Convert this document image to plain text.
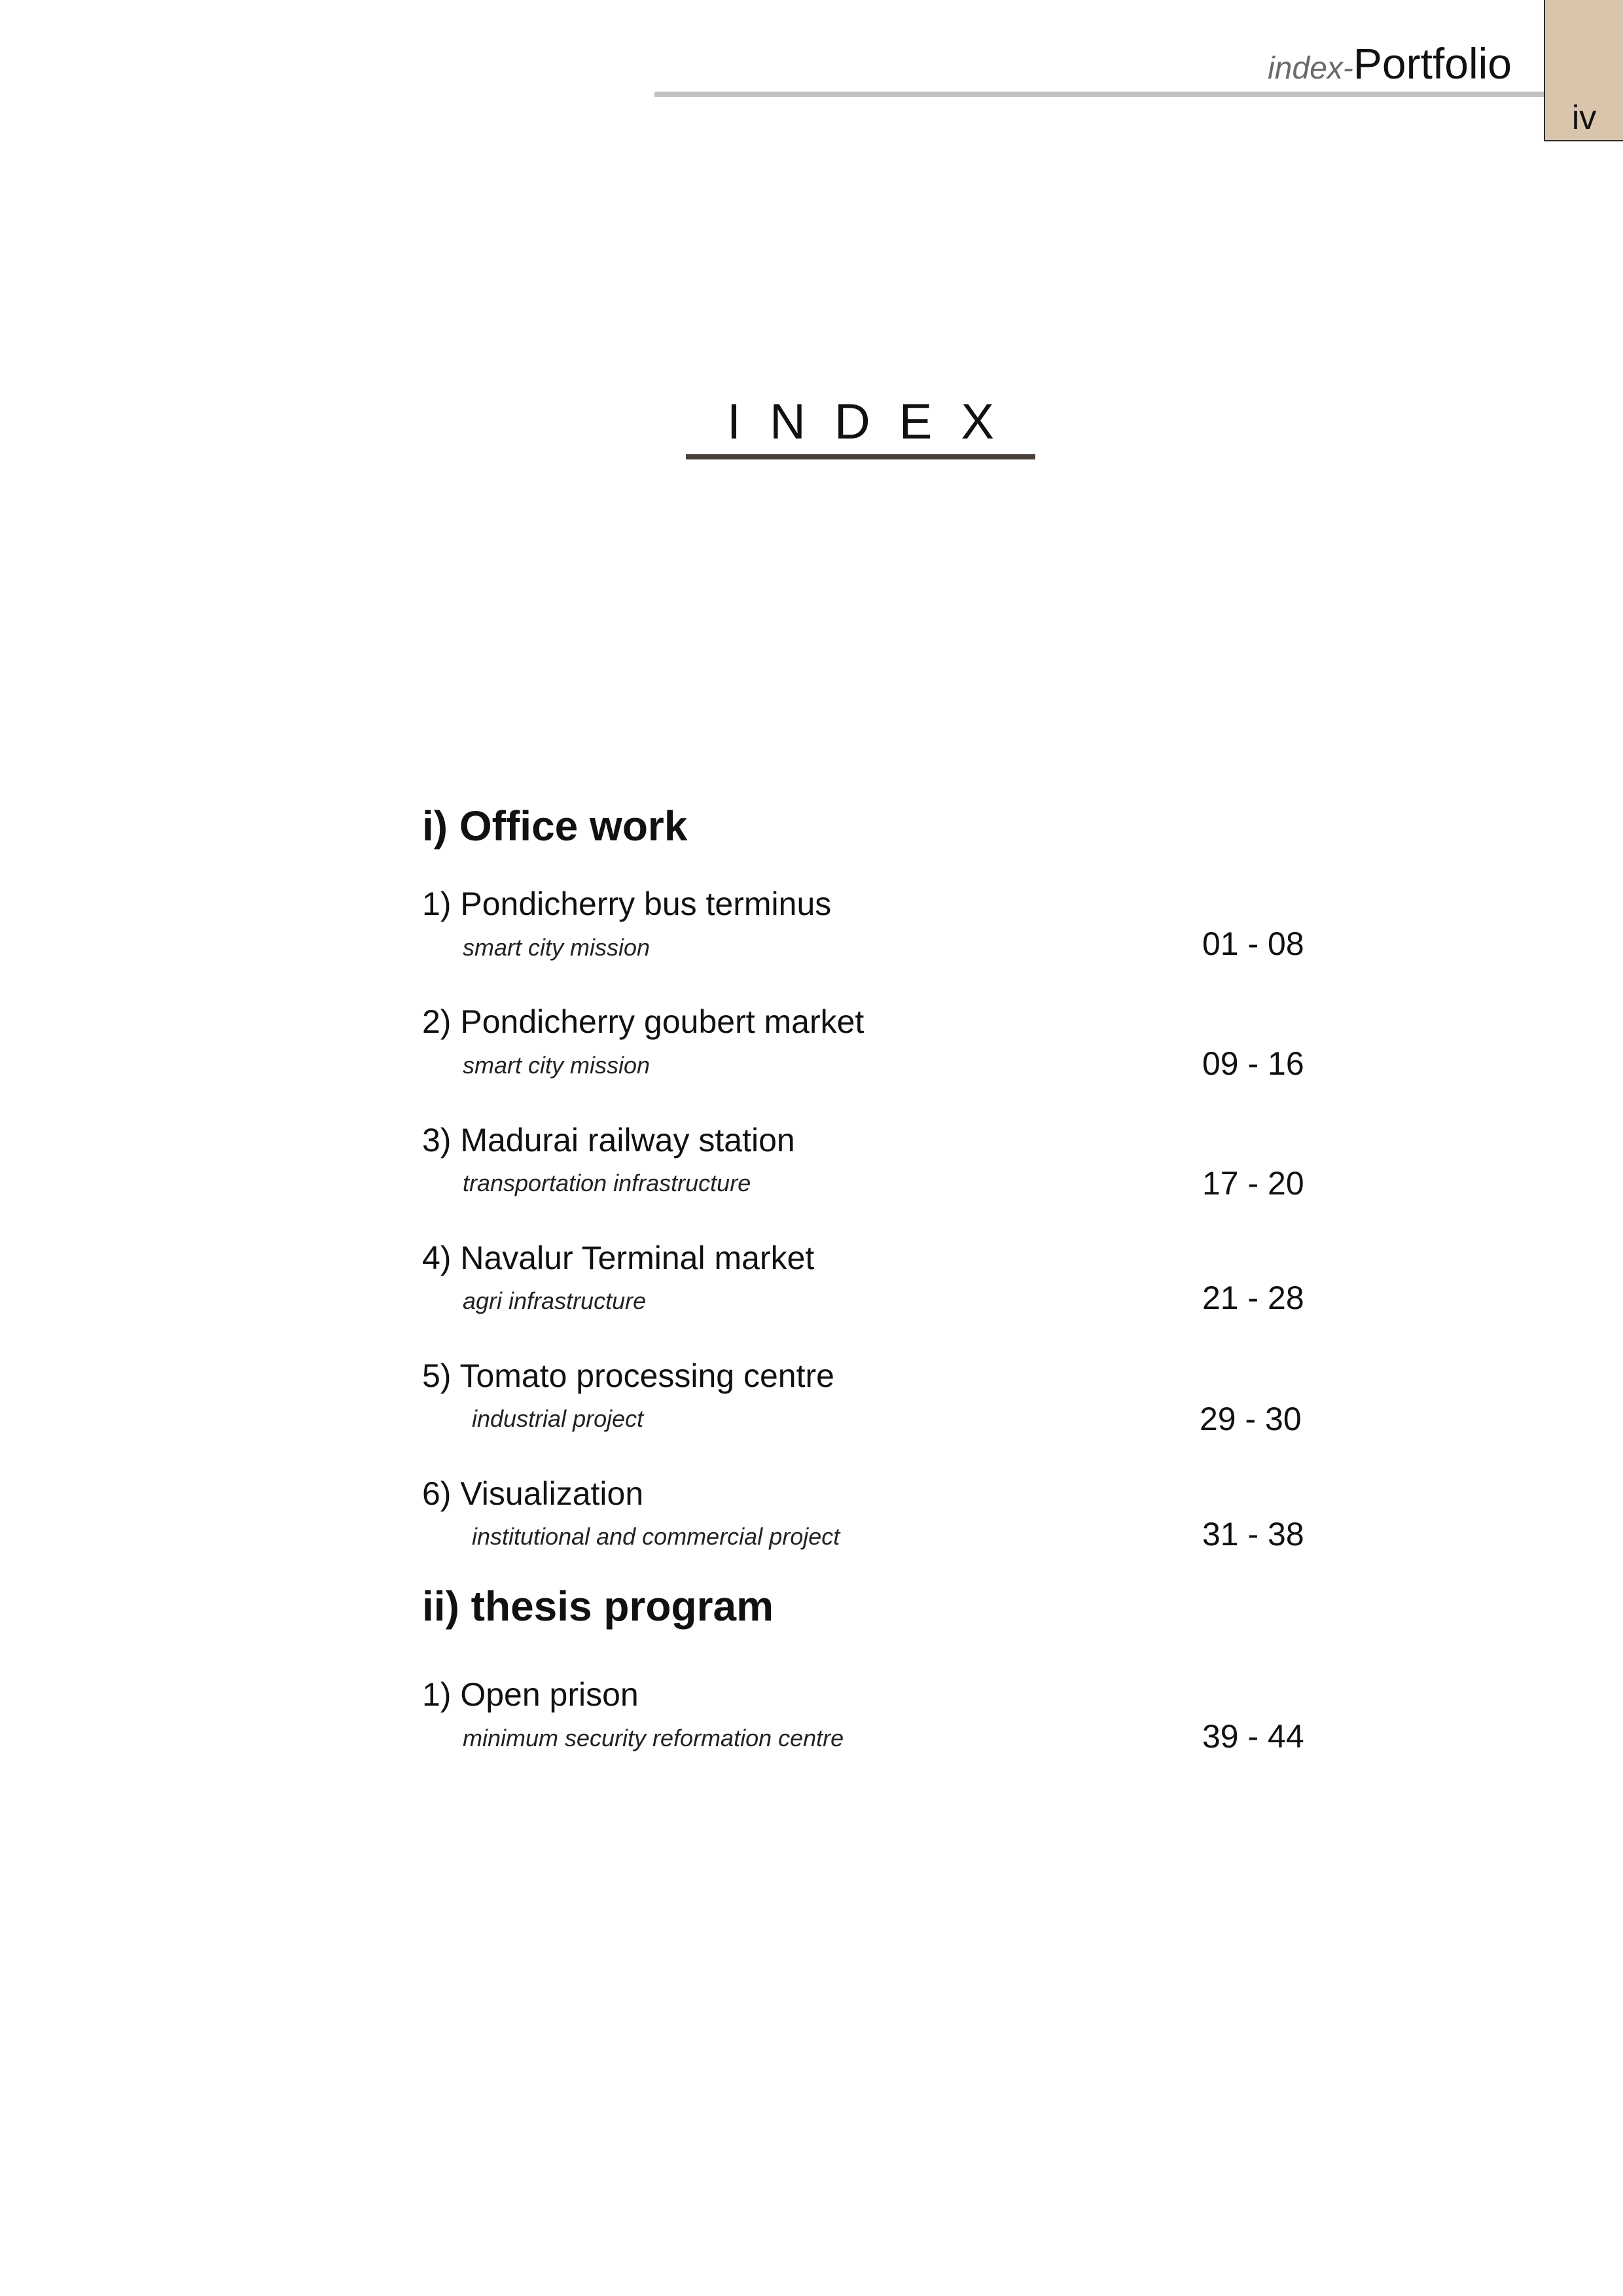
index-Portfolio
iv
INDEX
i) Office work
1) Pondicherry bus terminus
smart city mission	01 - 08
2) Pondicherry goubert market
smart city mission	09 - 16
3) Madurai railway station
transportation infrastructure	17 - 20
4) Navalur Terminal market
agri infrastructure	21 - 28
5) Tomato processing centre
industrial project	29 - 30
6) Visualization
institutional and commercial project	31 - 38
ii) thesis program
1) Open prison
minimum security reformation centre	39 - 44
